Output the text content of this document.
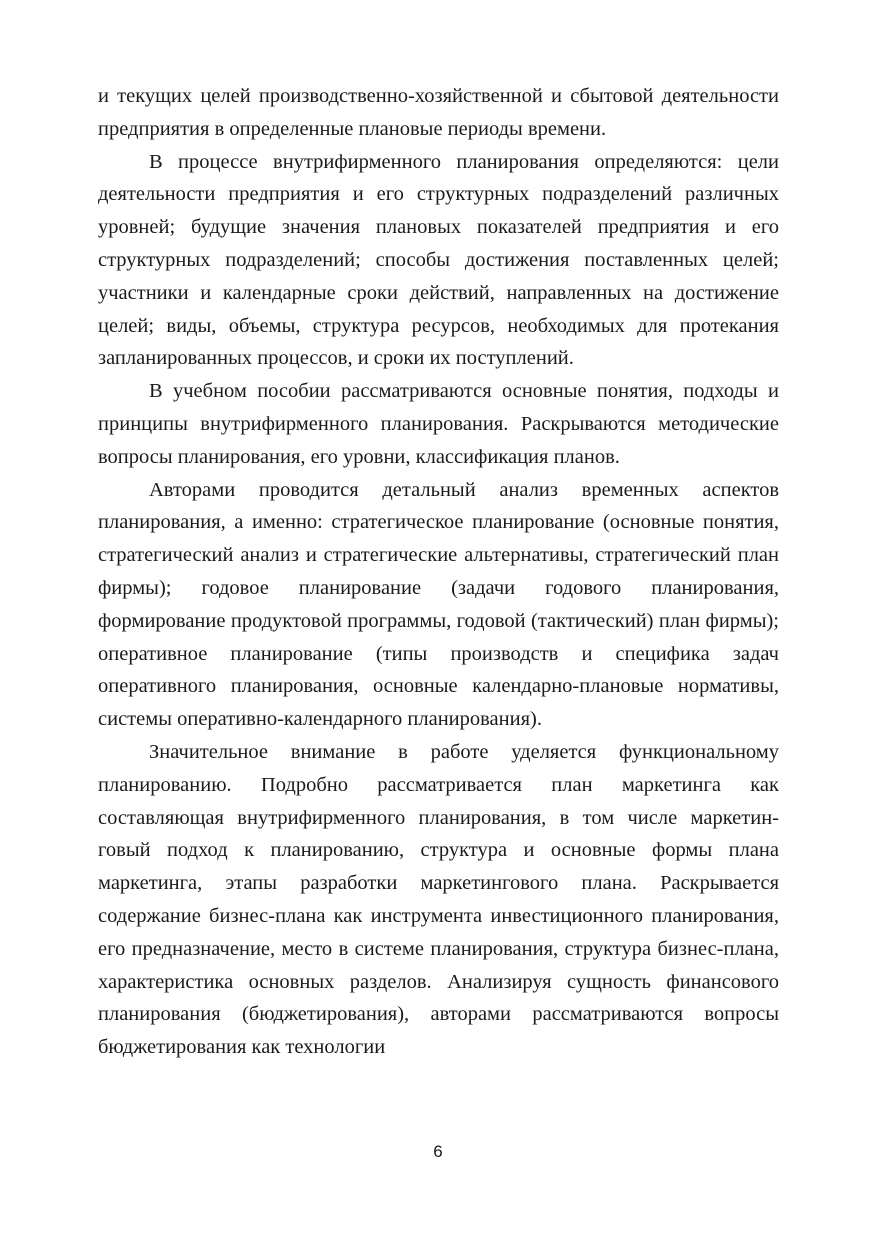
и текущих целей производственно-хозяйственной и сбытовой деятельности предприятия в определенные плановые периоды времени.

В процессе внутрифирменного планирования определяются: цели деятельности предприятия и его структурных подразделений различных уровней; будущие значения плановых показателей предприятия и его структурных подразделений; способы достижения поставленных целей; участники и календарные сроки действий, направленных на достижение целей; виды, объемы, структура ресурсов, необходимых для протекания запланированных процессов, и сроки их поступлений.

В учебном пособии рассматриваются основные понятия, подходы и принципы внутрифирменного планирования. Раскрываются методические вопросы планирования, его уровни, классификация планов.

Авторами проводится детальный анализ временных аспектов планирования, а именно: стратегическое планирование (основные понятия, стратегический анализ и стратегические альтернативы, стратегический план фирмы); годовое планирование (задачи годового планирования, формирование продуктовой программы, годовой (тактический) план фирмы); оперативное планирование (типы производств и специфика задач оперативного планирования, основные календарно-плановые нормативы, системы оперативно-календарного планирования).

Значительное внимание в работе уделяется функциональному планированию. Подробно рассматривается план маркетинга как составляющая внутрифирменного планирования, в том числе маркетин-говый подход к планированию, структура и основные формы плана маркетинга, этапы разработки маркетингового плана. Раскрывается содержание бизнес-плана как инструмента инвестиционного планирования, его предназначение, место в системе планирования, структура бизнес-плана, характеристика основных разделов. Анализируя сущность финансового планирования (бюджетирования), авторами рассматриваются вопросы бюджетирования как технологии

6
